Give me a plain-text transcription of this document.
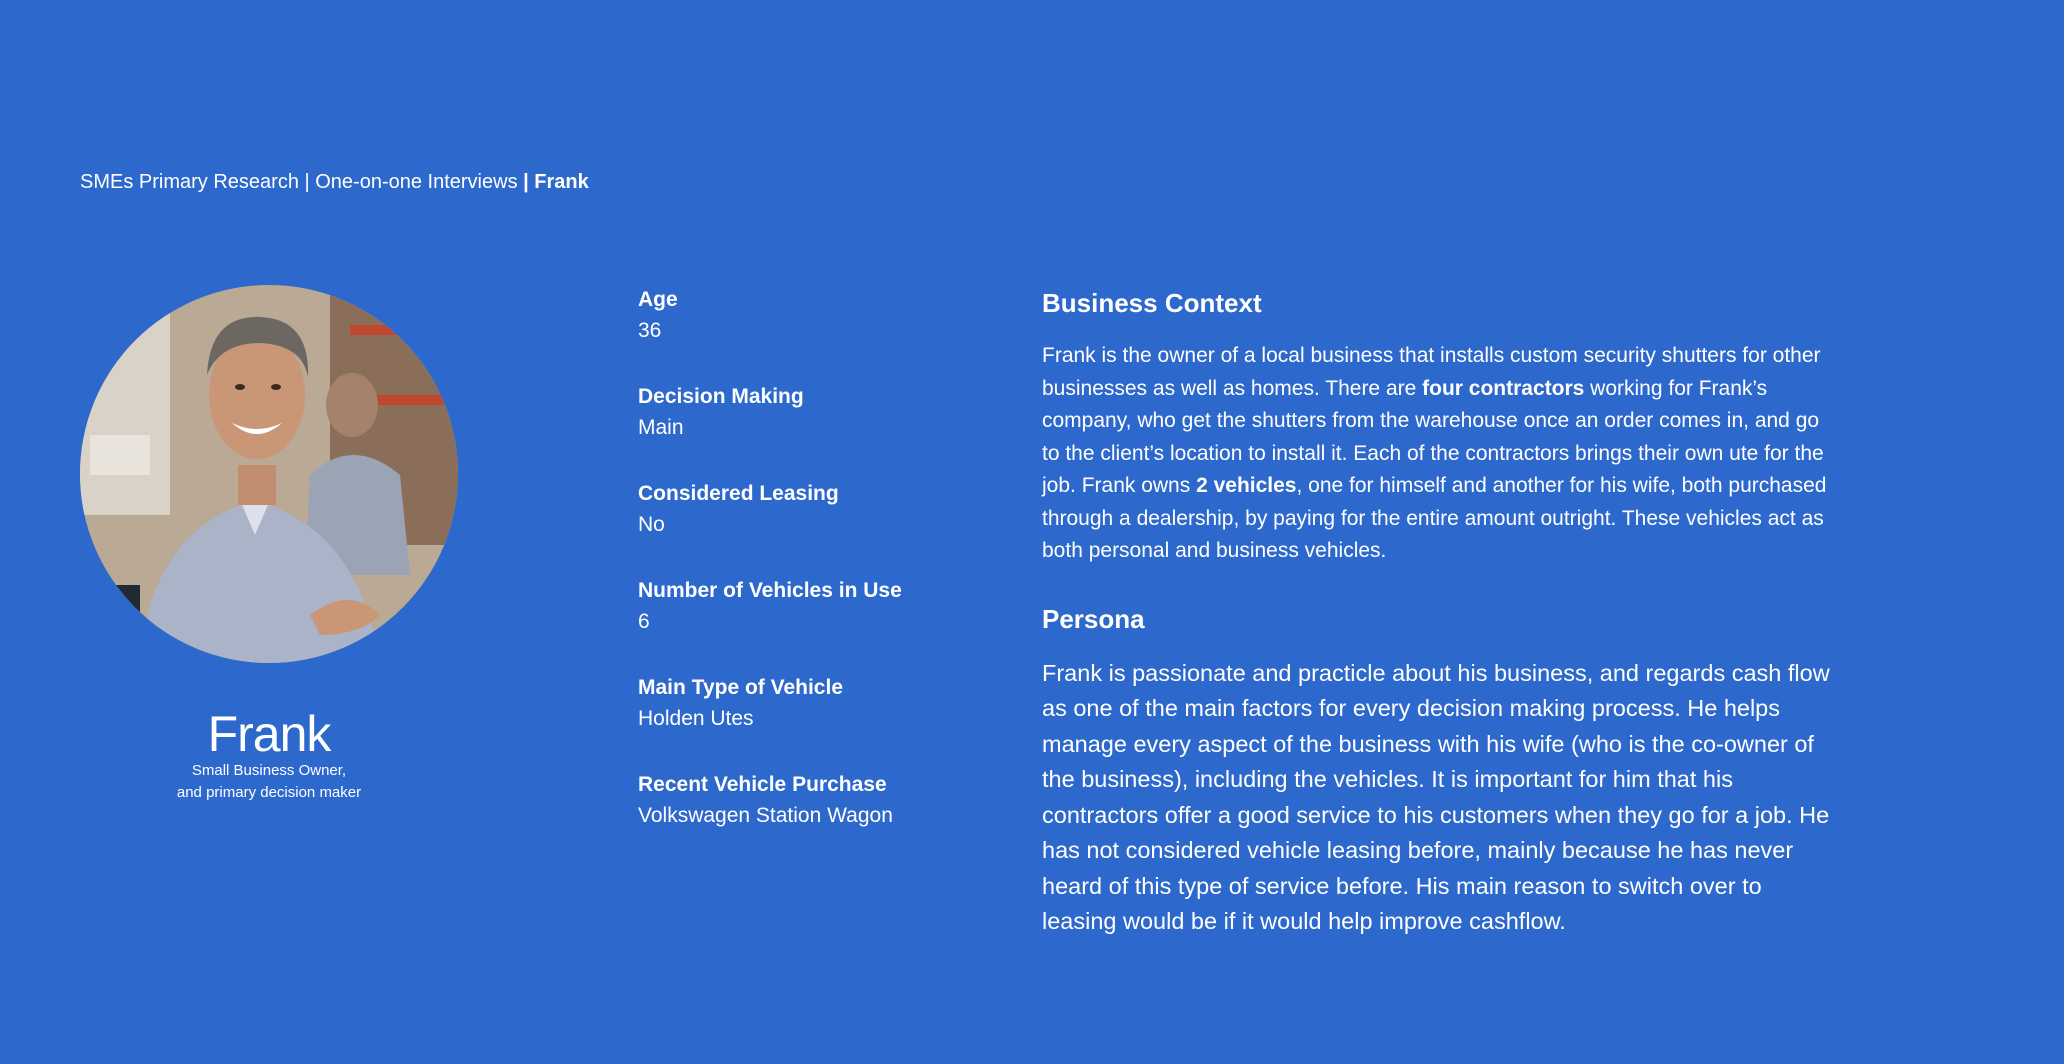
SMEs Primary Research | One-on-one Interviews | Frank
Frank
Small Business Owner,
and primary decision maker
Age
36
Decision Making
Main
Considered Leasing
No
Number of Vehicles in Use
6
Main Type of Vehicle
Holden Utes
Recent Vehicle Purchase
Volkswagen Station Wagon
Business Context
Frank is the owner of a local business that installs custom security shutters for other businesses as well as homes. There are four contractors working for Frank’s company, who get the shutters from the warehouse once an order comes in, and go to the client’s location to install it. Each of the contractors brings their own ute for the job. Frank owns 2 vehicles, one for himself and another for his wife, both purchased through a dealership, by paying for the entire amount outright. These vehicles act as both personal and business vehicles.
Persona
Frank is passionate and practicle about his business, and regards cash flow as one of the main factors for every decision making process. He helps manage every aspect of the business with his wife (who is the co-owner of the business), including the vehicles. It is important for him that his contractors offer a good service to his customers when they go for a job. He has not considered vehicle leasing before, mainly because he has never heard of this type of service before. His main reason to switch over to leasing would be if it would help improve cashflow.
